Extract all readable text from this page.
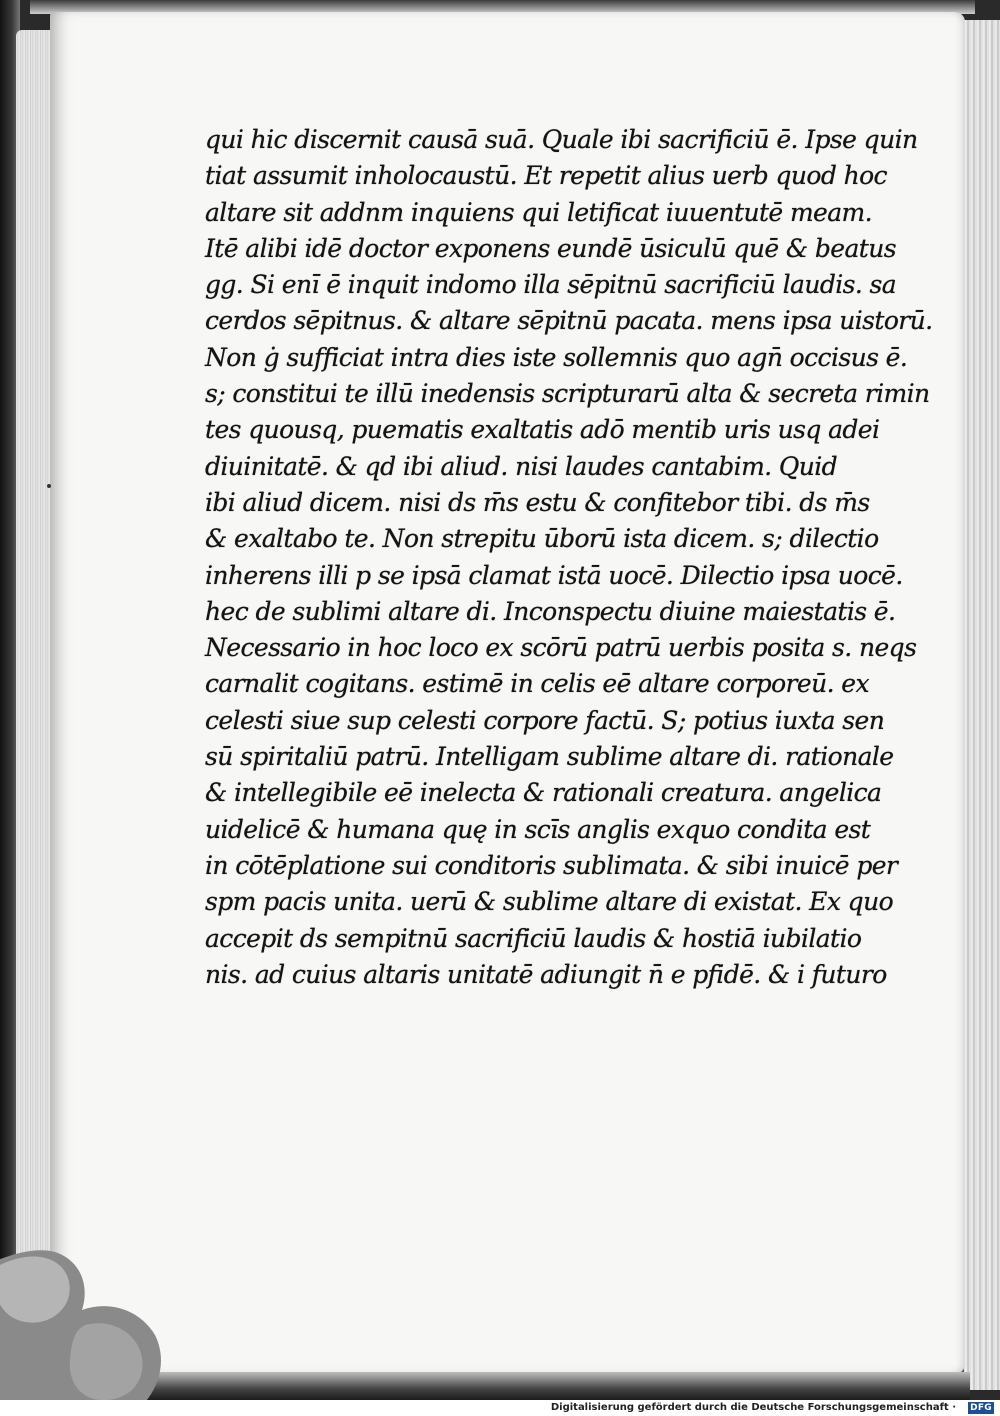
qui hic discernit causā suā. Quale ibi sacrificiū ē. Ipse quin
tiat assumit inholocaustū. Et repetit alius uerb quod hoc
altare sit addnm inquiens qui letificat iuuentutē meam.
Itē alibi idē doctor exponens eundē ūsiculū quē & beatus
gg. Si enī ē inquit indomo illa sēpitnū sacrificiū laudis. sa
cerdos sēpitnus. & altare sēpitnū pacata. mens ipsa uistorū.
Non ġ sufficiat intra dies iste sollemnis quo agn̄ occisus ē.
s; constitui te illū inedensis scripturarū alta & secreta rimin
tes quousq, puematis exaltatis adō mentib uris usq adei
diuinitatē. & qd ibi aliud. nisi laudes cantabim. Quid
ibi aliud dicem. nisi ds m̄s estu & confitebor tibi. ds m̄s
& exaltabo te. Non strepitu ūborū ista dicem. s; dilectio
inherens illi p se ipsā clamat istā uocē. Dilectio ipsa uocē.
hec de sublimi altare di. Inconspectu diuine maiestatis ē.
Necessario in hoc loco ex scōrū patrū uerbis posita s. neqs
carnalit cogitans. estimē in celis eē altare corporeū. ex
celesti siue sup celesti corpore factū. S; potius iuxta sen
sū spiritaliū patrū. Intelligam sublime altare di. rationale
& intellegibile eē inelecta & rationali creatura. angelica
uidelicē & humana quę in scīs anglis exquo condita est
in cōtēplatione sui conditoris sublimata. & sibi inuicē per
spm pacis unita. uerū & sublime altare di existat. Ex quo
accepit ds sempitnū sacrificiū laudis & hostiā iubilatio
nis. ad cuius altaris unitatē adiungit n̄ e pfidē. & i futuro
Digitalisierung gefördert durch die Deutsche Forschungsgemeinschaft · DFG
